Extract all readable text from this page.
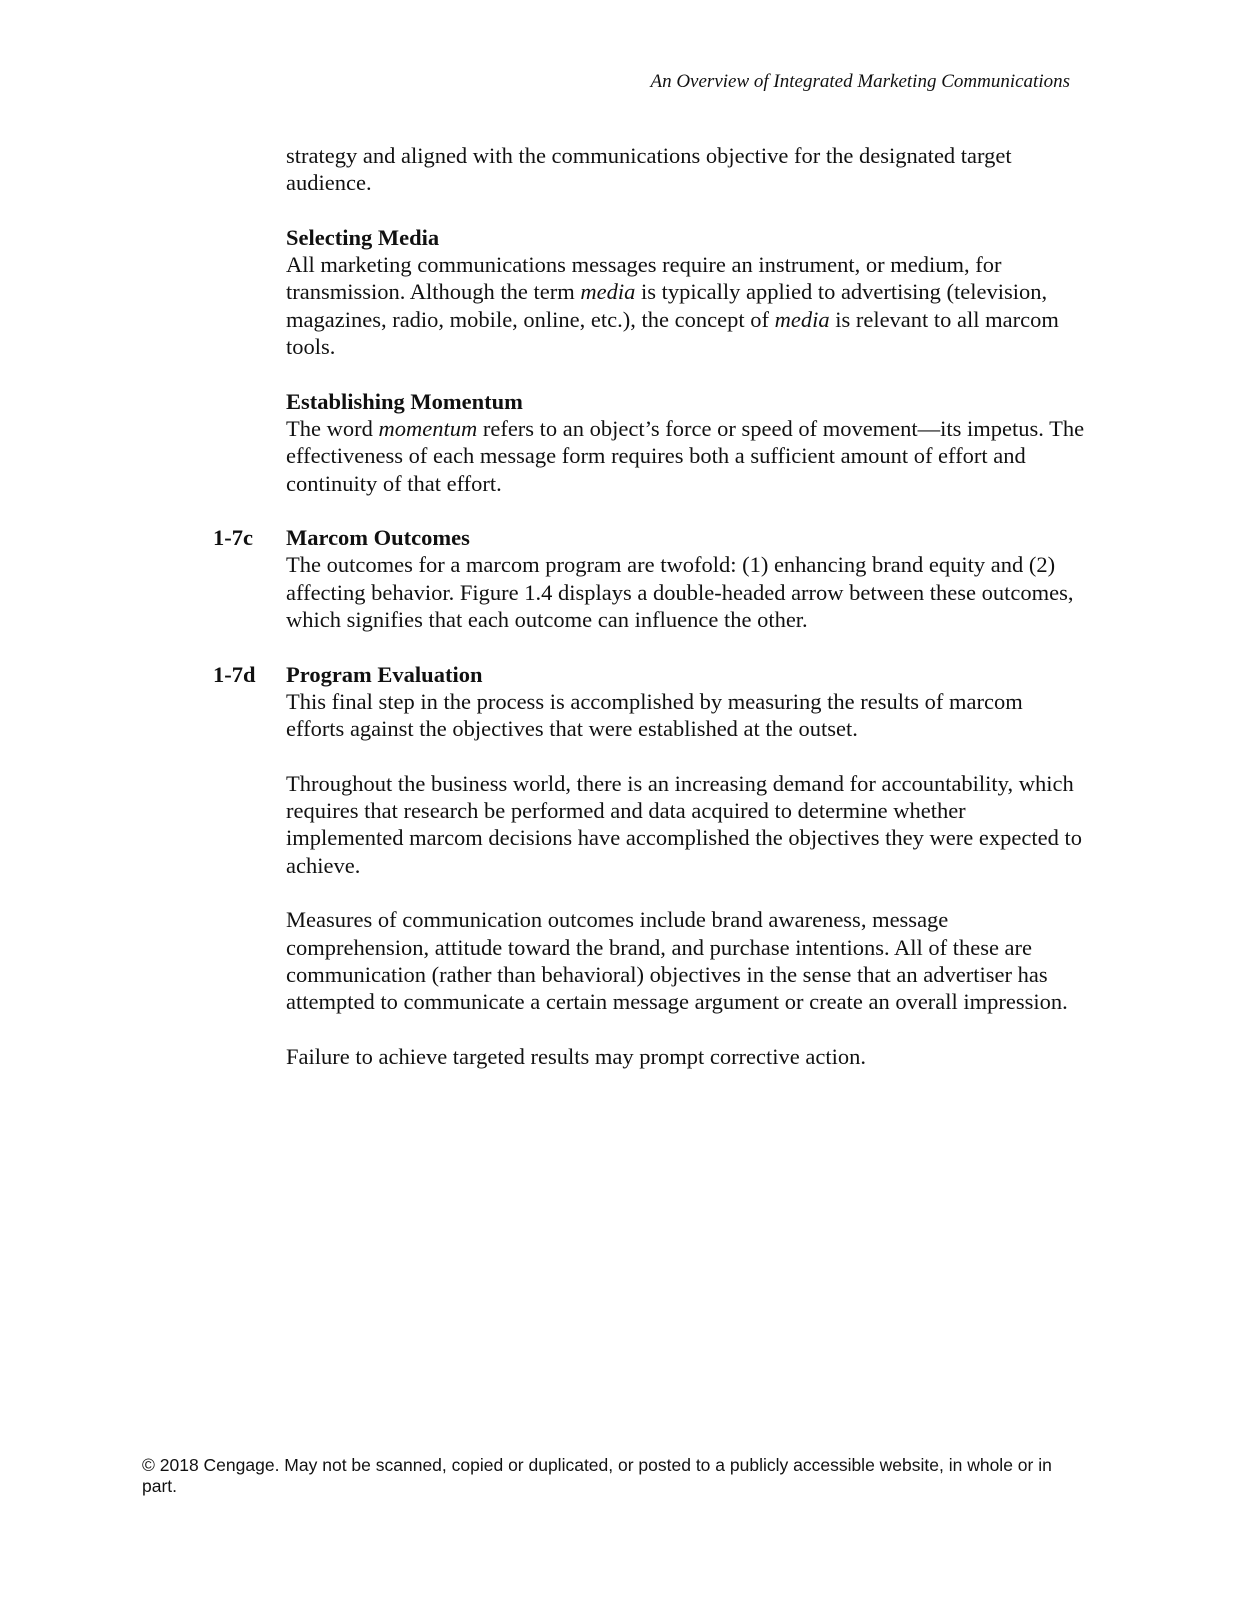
An Overview of Integrated Marketing Communications

strategy and aligned with the communications objective for the designated target audience.

Selecting Media

All marketing communications messages require an instrument, or medium, for transmission. Although the term media is typically applied to advertising (television, magazines, radio, mobile, online, etc.), the concept of media is relevant to all marcom tools.

Establishing Momentum

The word momentum refers to an object’s force or speed of movement—its impetus. The effectiveness of each message form requires both a sufficient amount of effort and continuity of that effort.

1-7c Marcom Outcomes

The outcomes for a marcom program are twofold: (1) enhancing brand equity and (2) affecting behavior. Figure 1.4 displays a double-headed arrow between these outcomes, which signifies that each outcome can influence the other.

1-7d Program Evaluation

This final step in the process is accomplished by measuring the results of marcom efforts against the objectives that were established at the outset.

Throughout the business world, there is an increasing demand for accountability, which requires that research be performed and data acquired to determine whether implemented marcom decisions have accomplished the objectives they were expected to achieve.

Measures of communication outcomes include brand awareness, message comprehension, attitude toward the brand, and purchase intentions. All of these are communication (rather than behavioral) objectives in the sense that an advertiser has attempted to communicate a certain message argument or create an overall impression.

Failure to achieve targeted results may prompt corrective action.

© 2018 Cengage. May not be scanned, copied or duplicated, or posted to a publicly accessible website, in whole or in part.
